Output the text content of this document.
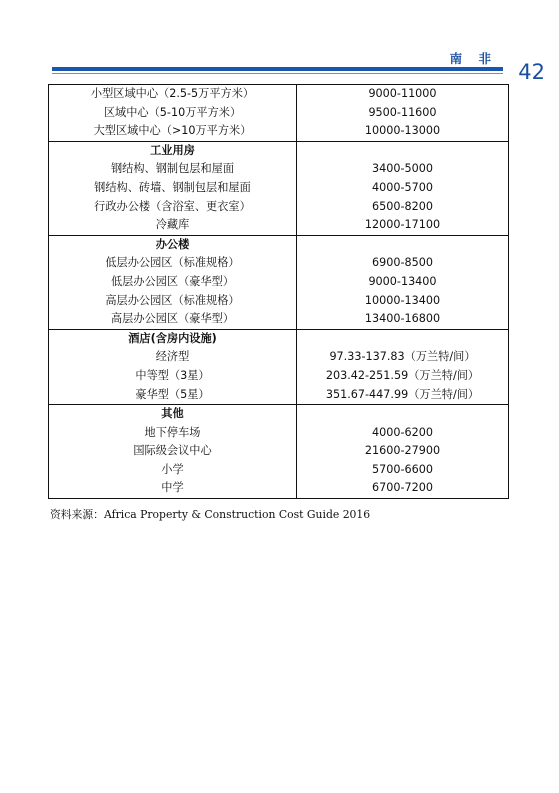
南 非
42
小型区域中心（2.5-5万平方米）	9000-11000
区域中心（5-10万平方米）	9500-11600
大型区域中心（>10万平方米）	10000-13000
工业用房	
钢结构、钢制包层和屋面	3400-5000
钢结构、砖墙、钢制包层和屋面	4000-5700
行政办公楼（含浴室、更衣室）	6500-8200
冷藏库	12000-17100
办公楼	
低层办公园区（标准规格）	6900-8500
低层办公园区（豪华型）	9000-13400
高层办公园区（标准规格）	10000-13400
高层办公园区（豪华型）	13400-16800
酒店(含房内设施)	
经济型	97.33-137.83（万兰特/间）
中等型（3星）	203.42-251.59（万兰特/间）
豪华型（5星）	351.67-447.99（万兰特/间）
其他	
地下停车场	4000-6200
国际级会议中心	21600-27900
小学	5700-6600
中学	6700-7200
资料来源：Africa Property & Construction Cost Guide 2016
